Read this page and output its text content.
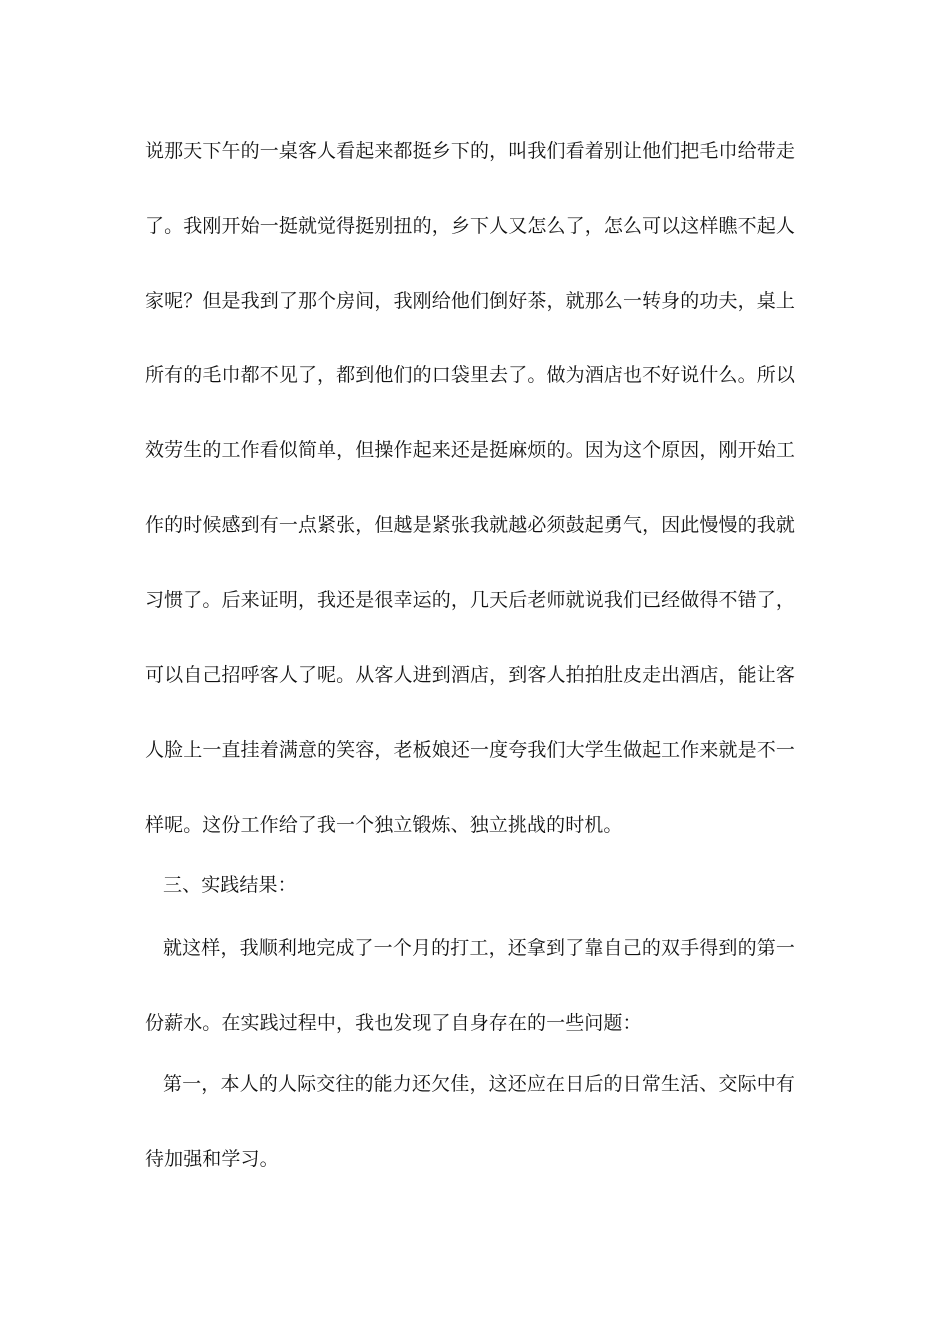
说那天下午的一桌客人看起来都挺乡下的，叫我们看着别让他们把毛巾给带走
了。我刚开始一挺就觉得挺别扭的，乡下人又怎么了，怎么可以这样瞧不起人
家呢？但是我到了那个房间，我刚给他们倒好茶，就那么一转身的功夫，桌上
所有的毛巾都不见了，都到他们的口袋里去了。做为酒店也不好说什么。所以
效劳生的工作看似简单，但操作起来还是挺麻烦的。因为这个原因，刚开始工
作的时候感到有一点紧张，但越是紧张我就越必须鼓起勇气，因此慢慢的我就
习惯了。后来证明，我还是很幸运的，几天后老师就说我们已经做得不错了，
可以自己招呼客人了呢。从客人进到酒店，到客人拍拍肚皮走出酒店，能让客
人脸上一直挂着满意的笑容，老板娘还一度夸我们大学生做起工作来就是不一
样呢。这份工作给了我一个独立锻炼、独立挑战的时机。
三、实践结果：
就这样，我顺利地完成了一个月的打工，还拿到了靠自己的双手得到的第一
份薪水。在实践过程中，我也发现了自身存在的一些问题：
第一，本人的人际交往的能力还欠佳，这还应在日后的日常生活、交际中有
待加强和学习。
